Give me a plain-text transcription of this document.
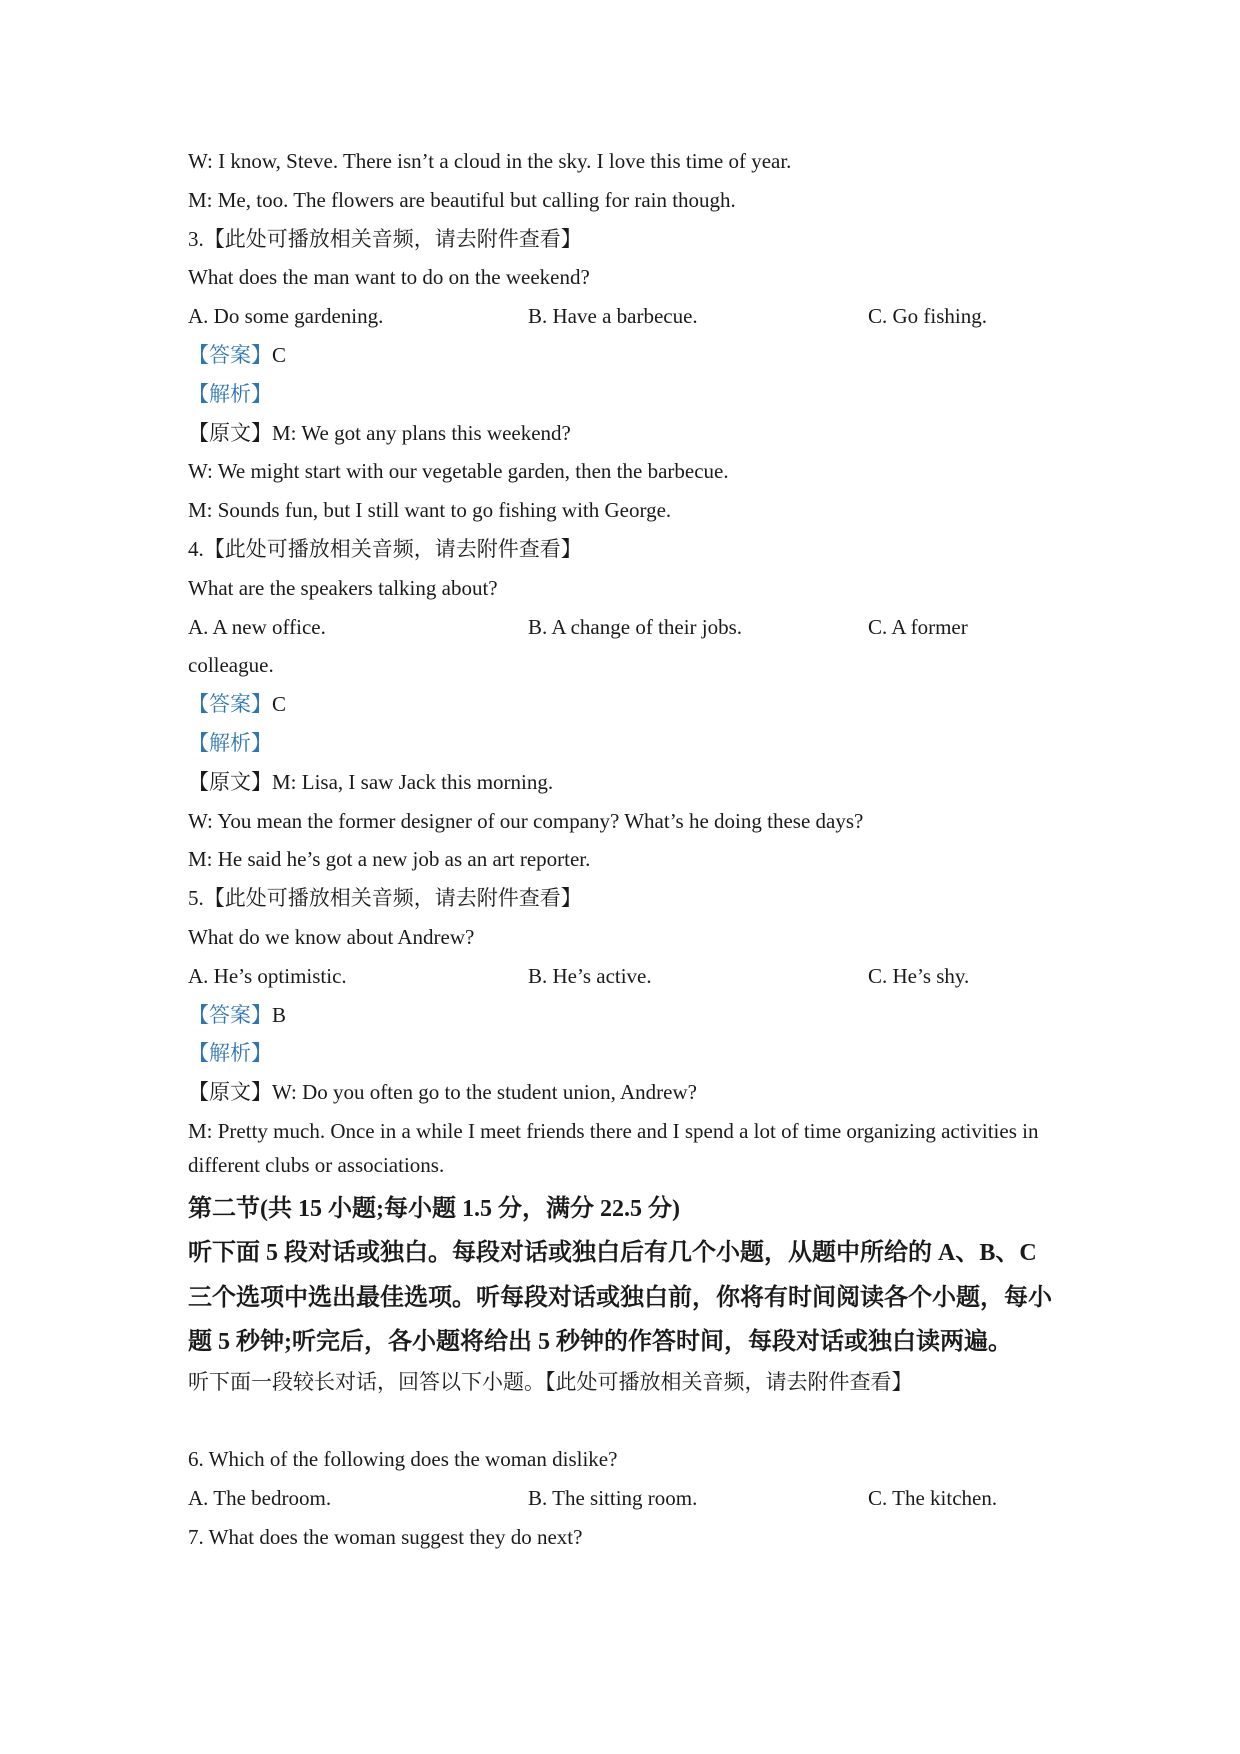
W: I know, Steve. There isn’t a cloud in the sky. I love this time of year.
M: Me, too. The flowers are beautiful but calling for rain though.
3.【此处可播放相关音频，请去附件查看】
What does the man want to do on the weekend?
A. Do some gardening.	B. Have a barbecue.	C. Go fishing.
【答案】C
【解析】
【原文】M: We got any plans this weekend?
W: We might start with our vegetable garden, then the barbecue.
M: Sounds fun, but I still want to go fishing with George.
4.【此处可播放相关音频，请去附件查看】
What are the speakers talking about?
A. A new office.	B. A change of their jobs.	C. A former
colleague.
【答案】C
【解析】
【原文】M: Lisa, I saw Jack this morning.
W: You mean the former designer of our company? What’s he doing these days?
M: He said he’s got a new job as an art reporter.
5.【此处可播放相关音频，请去附件查看】
What do we know about Andrew?
A. He’s optimistic.	B. He’s active.	C. He’s shy.
【答案】B
【解析】
【原文】W: Do you often go to the student union, Andrew?
M: Pretty much. Once in a while I meet friends there and I spend a lot of time organizing activities in different clubs or associations.
第二节(共 15 小题;每小题 1.5 分，满分 22.5 分)
听下面 5 段对话或独白。每段对话或独白后有几个小题，从题中所给的 A、B、C 三个选项中选出最佳选项。听每段对话或独白前，你将有时间阅读各个小题，每小题 5 秒钟;听完后，各小题将给出 5 秒钟的作答时间，每段对话或独白读两遍。
听下面一段较长对话，回答以下小题。【此处可播放相关音频，请去附件查看】
6. Which of the following does the woman dislike?
A. The bedroom.	B. The sitting room.	C. The kitchen.
7. What does the woman suggest they do next?
